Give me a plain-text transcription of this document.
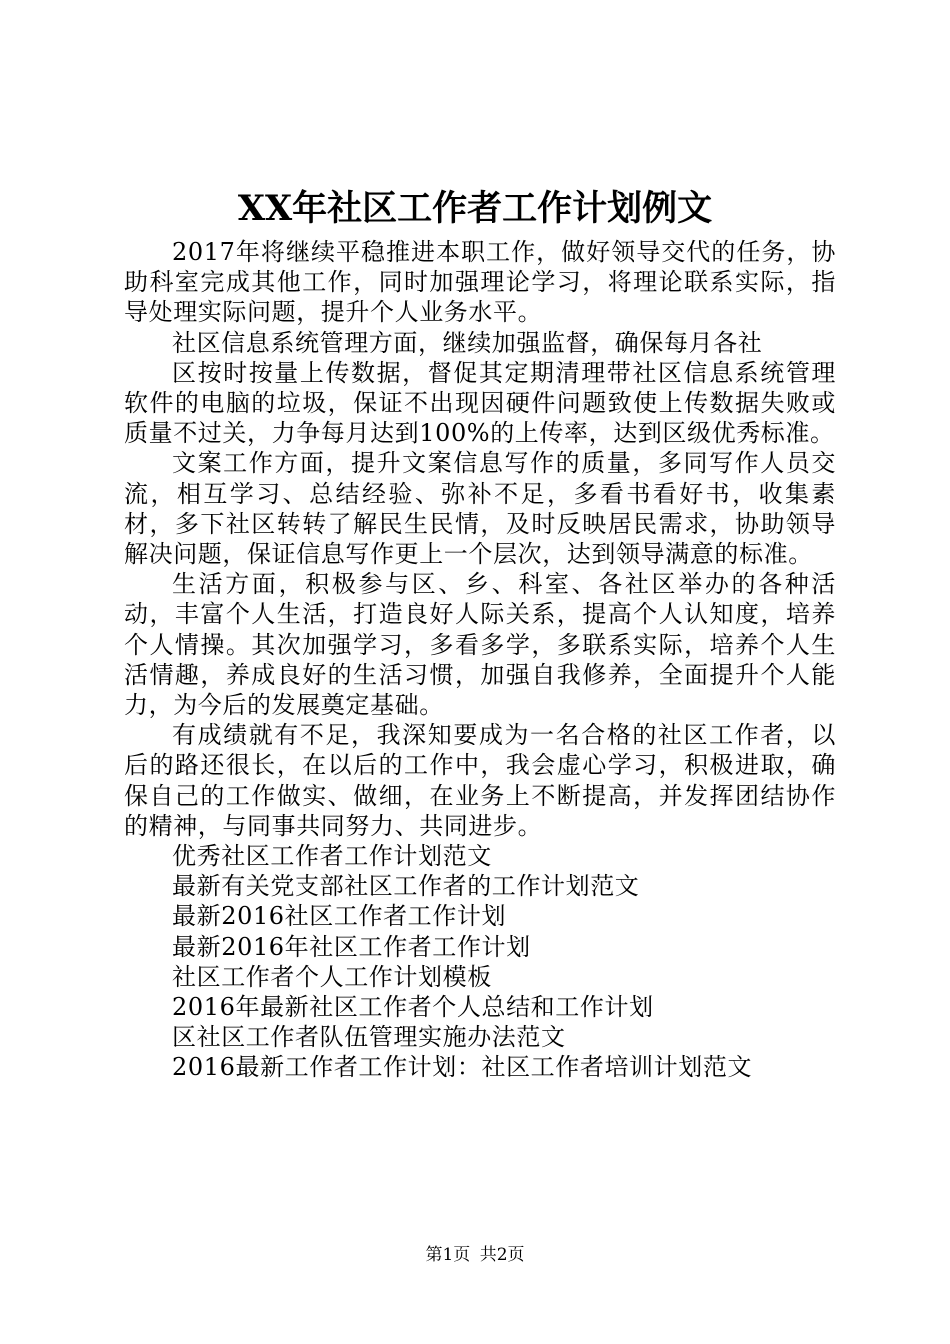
XX年社区工作者工作计划例文

2017年将继续平稳推进本职工作，做好领导交代的任务，协助科室完成其他工作，同时加强理论学习，将理论联系实际，指导处理实际问题，提升个人业务水平。

社区信息系统管理方面，继续加强监督，确保每月各社

区按时按量上传数据，督促其定期清理带社区信息系统管理软件的电脑的垃圾，保证不出现因硬件问题致使上传数据失败或质量不过关，力争每月达到100%的上传率，达到区级优秀标准。

文案工作方面，提升文案信息写作的质量，多同写作人员交流，相互学习、总结经验、弥补不足，多看书看好书，收集素材，多下社区转转了解民生民情，及时反映居民需求，协助领导解决问题，保证信息写作更上一个层次，达到领导满意的标准。

生活方面，积极参与区、乡、科室、各社区举办的各种活动，丰富个人生活，打造良好人际关系，提高个人认知度，培养个人情操。其次加强学习，多看多学，多联系实际，培养个人生活情趣，养成良好的生活习惯，加强自我修养，全面提升个人能力，为今后的发展奠定基础。

有成绩就有不足，我深知要成为一名合格的社区工作者，以后的路还很长，在以后的工作中，我会虚心学习，积极进取，确保自己的工作做实、做细，在业务上不断提高，并发挥团结协作的精神，与同事共同努力、共同进步。

优秀社区工作者工作计划范文
最新有关党支部社区工作者的工作计划范文
最新2016社区工作者工作计划
最新2016年社区工作者工作计划
社区工作者个人工作计划模板
2016年最新社区工作者个人总结和工作计划
区社区工作者队伍管理实施办法范文
2016最新工作者工作计划：社区工作者培训计划范文
第1页 共2页
